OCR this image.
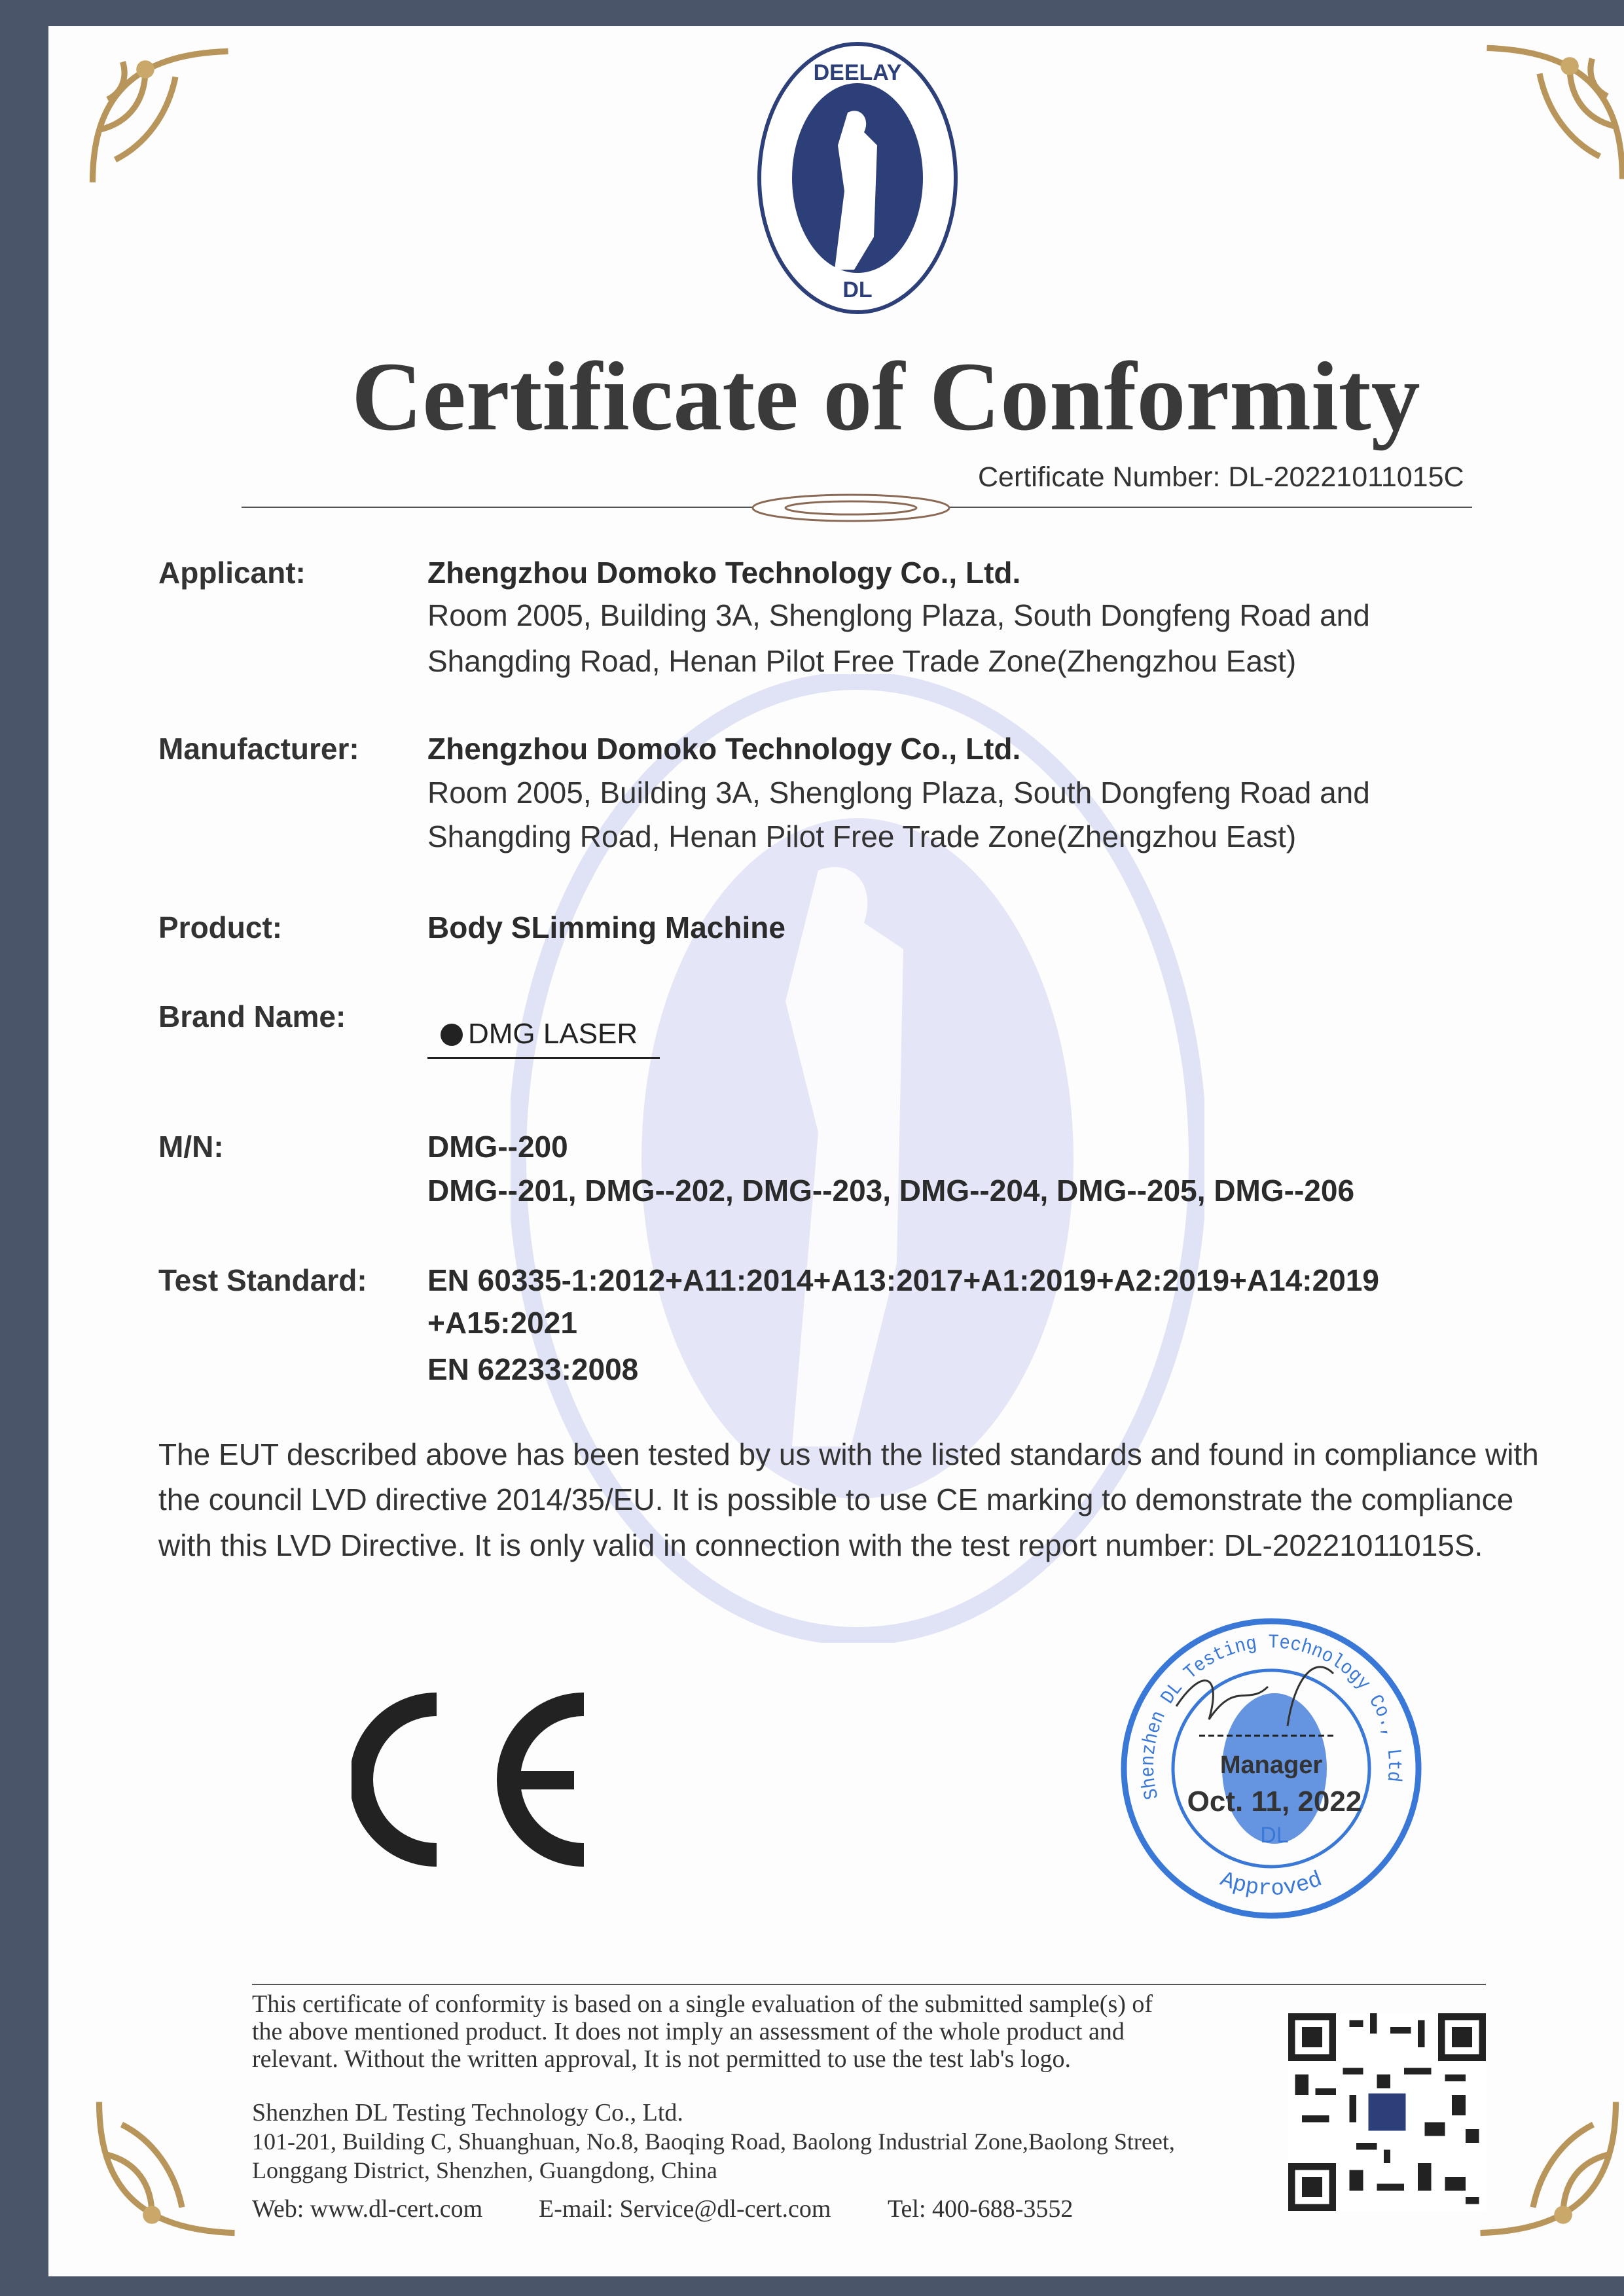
DEELAY
DL
Certificate of Conformity
Certificate Number: DL-20221011015C
Applicant:	Zhengzhou Domoko Technology Co., Ltd.
Room 2005, Building 3A, Shenglong Plaza, South Dongfeng Road and
Shangding Road, Henan Pilot Free Trade Zone(Zhengzhou East)
Manufacturer: Zhengzhou Domoko Technology Co., Ltd.
Room 2005, Building 3A, Shenglong Plaza, South Dongfeng Road and
Shangding Road, Henan Pilot Free Trade Zone(Zhengzhou East)
Product:	Body SLimming Machine
Brand Name:
DMG LASER
M/N:	DMG--200
DMG--201, DMG--202, DMG--203, DMG--204, DMG--205, DMG--206
Test Standard: EN 60335-1:2012+A11:2014+A13:2017+A1:2019+A2:2019+A14:2019
+A15:2021
EN 62233:2008
The EUT described above has been tested by us with the listed standards and found in compliance with
the council LVD directive 2014/35/EU. It is possible to use CE marking to demonstrate the compliance
with this LVD Directive. It is only valid in connection with the test report number: DL-20221011015S.
Shenzhen DL Testing Technology Co., Ltd
Approved
Manager
Oct. 11, 2022
DL
This certificate of conformity is based on a single evaluation of the submitted sample(s) of
the above mentioned product. It does not imply an assessment of the whole product and
relevant. Without the written approval, It is not permitted to use the test lab's logo.
Shenzhen DL Testing Technology Co., Ltd.
101-201, Building C, Shuanghuan, No.8, Baoqing Road, Baolong Industrial Zone,Baolong Street,
Longgang District, Shenzhen, Guangdong, China
Web: www.dl-cert.com E-mail: Service@dl-cert.com Tel: 400-688-3552
